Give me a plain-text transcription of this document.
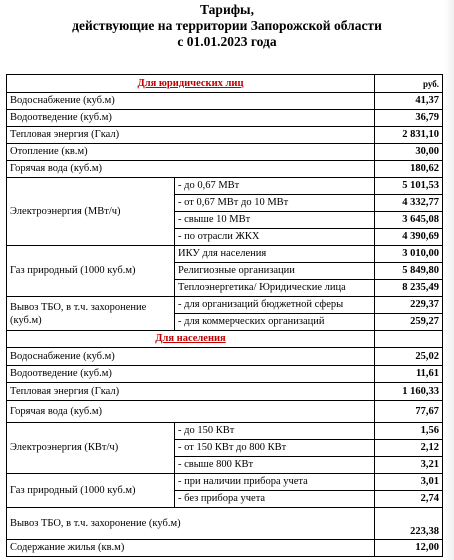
Тарифы,
действующие на территории Запорожской области
с 01.01.2023 года
Для юридических лиц		руб.
Водоснабжение (куб.м)		41,37
Водоотведение (куб.м)		36,79
Тепловая энергия (Гкал)		2 831,10
Отопление (кв.м)		30,00
Горячая вода (куб.м)		180,62
Электроэнергия (МВт/ч)	- до 0,67 МВт	5 101,53
	- от 0,67 МВт до 10 МВт	4 332,77
	- свыше 10 МВт	3 645,08
	- по отрасли ЖКХ	4 390,69
Газ природный (1000 куб.м)	ИКУ для населения	3 010,00
	Религиозные организации	5 849,80
	Теплоэнергетика/ Юридические лица	8 235,49
Вывоз ТБО, в т.ч. захоронение (куб.м)	- для организаций бюджетной сферы	229,37
	- для коммерческих организаций	259,27
Для населения		
Водоснабжение (куб.м)		25,02
Водоотведение (куб.м)		11,61
Тепловая энергия (Гкал)		1 160,33
Горячая вода (куб.м)		77,67
Электроэнергия (КВт/ч)	- до 150 КВт	1,56
	- от 150 КВт до 800 КВт	2,12
	- свыше 800 КВт	3,21
Газ природный (1000 куб.м)	- при наличии прибора учета	3,01
	- без прибора учета	2,74
Вывоз ТБО, в т.ч. захоронение (куб.м)		223,38
Содержание жилья (кв.м)		12,00
